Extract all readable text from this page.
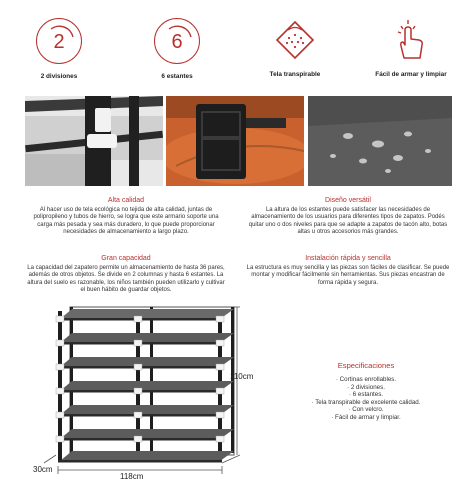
2
2 divisiones
6
6 estantes	Tela transpirable	Fácil de armar y limpiar
Alta calidad
Al hacer uso de tela ecológica no tejida de alta calidad, juntas de polipropileno y tubos de hierro, se logra que este armario soporte una carga más pesada y sea más duradero, lo que puede proporcionar necesidades de almacenamiento a largo plazo.
Diseño versátil
La altura de los estantes puede satisfacer las necesidades de almacenamiento de los usuarios para diferentes tipos de zapatos. Podés quitar uno o dos niveles para que se adapte a zapatos de tacón alto, botas altas u otros accesorios más grandes.
Gran capacidad
La capacidad del zapatero permite un almacenamiento de hasta 36 pares, además de otros objetos. Se divide en 2 columnas y hasta 6 estantes. La altura del suelo es razonable, los niños también pueden utilizarlo y cultivar el buen hábito de guardar objetos.
Instalación rápida y sencilla
La estructura es muy sencilla y las piezas son fáciles de clasificar. Se puede montar y modificar fácilmente sin herramientas. Sus piezas encastran de forma rápida y segura.
110cm
118cm
30cm
Especificaciones
· Cortinas enrollables.
· 2 divisiones.
· 6 estantes.
· Tela transpirable de excelente calidad.
· Con velcro.
· Fácil de armar y limpiar.
